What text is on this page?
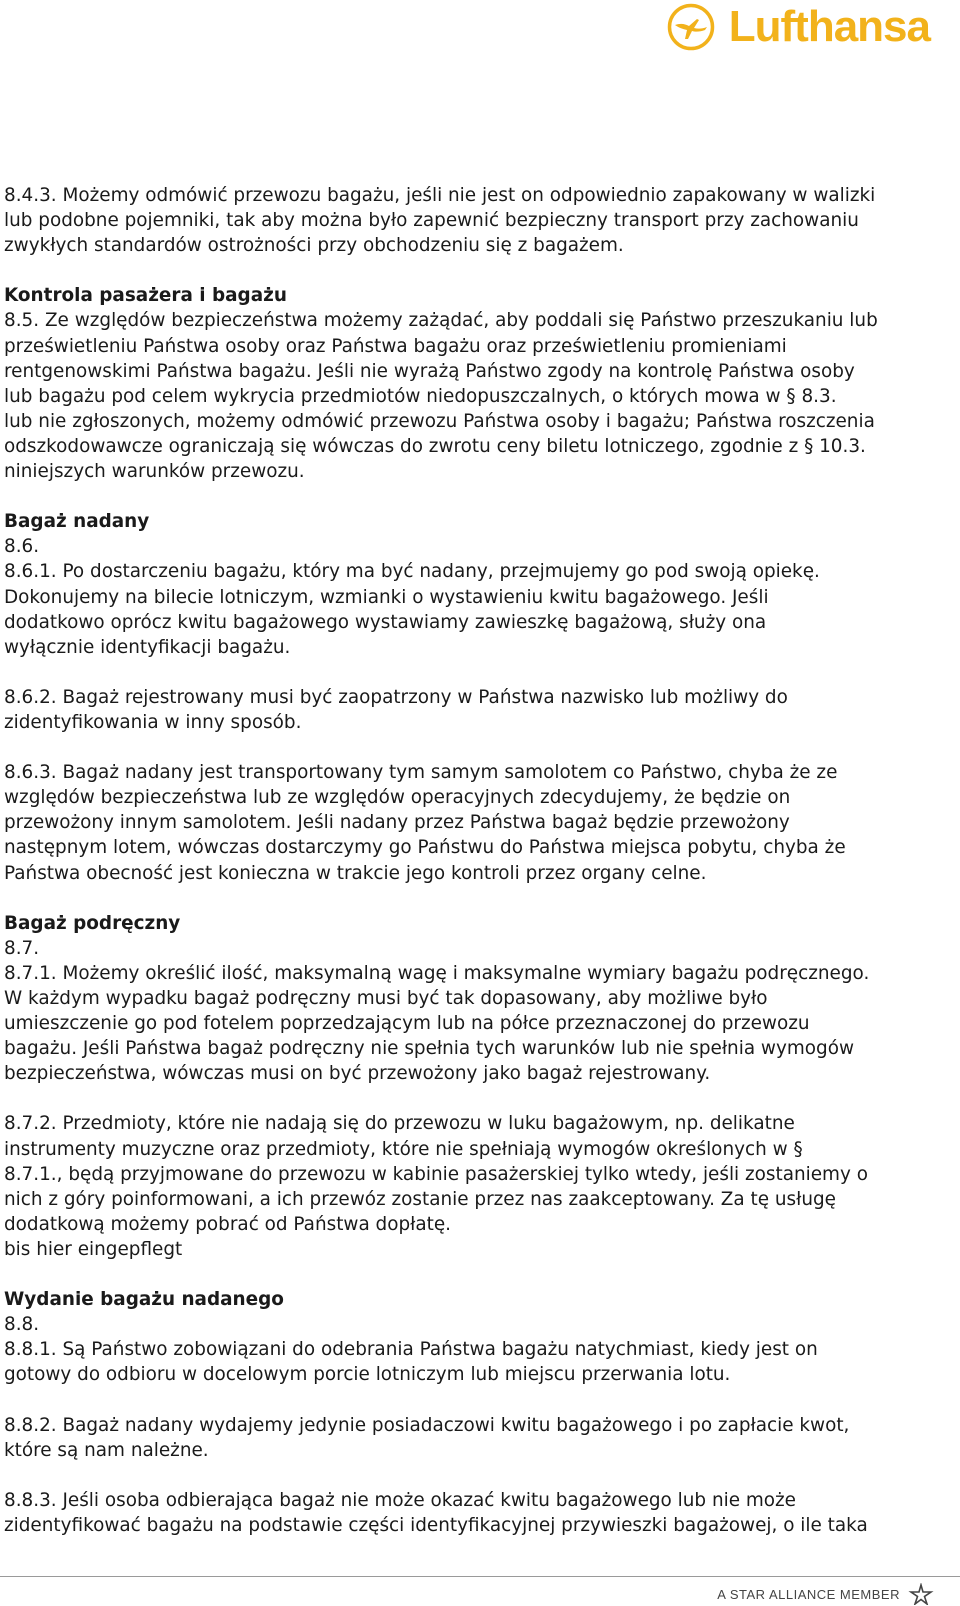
Lufthansa

8.4.3. Możemy odmówić przewozu bagażu, jeśli nie jest on odpowiednio zapakowany w walizki
lub podobne pojemniki, tak aby można było zapewnić bezpieczny transport przy zachowaniu
zwykłych standardów ostrożności przy obchodzeniu się z bagażem.

Kontrola pasażera i bagażu

8.5. Ze względów bezpieczeństwa możemy zażądać, aby poddali się Państwo przeszukaniu lub
prześwietleniu Państwa osoby oraz Państwa bagażu oraz prześwietleniu promieniami
rentgenowskimi Państwa bagażu. Jeśli nie wyrażą Państwo zgody na kontrolę Państwa osoby
lub bagażu pod celem wykrycia przedmiotów niedopuszczalnych, o których mowa w § 8.3.
lub nie zgłoszonych, możemy odmówić przewozu Państwa osoby i bagażu; Państwa roszczenia
odszkodowawcze ograniczają się wówczas do zwrotu ceny biletu lotniczego, zgodnie z § 10.3.
niniejszych warunków przewozu.

Bagaż nadany

8.6.

8.6.1. Po dostarczeniu bagażu, który ma być nadany, przejmujemy go pod swoją opiekę.
Dokonujemy na bilecie lotniczym, wzmianki o wystawieniu kwitu bagażowego. Jeśli
dodatkowo oprócz kwitu bagażowego wystawiamy zawieszkę bagażową, służy ona
wyłącznie identyfikacji bagażu.

8.6.2. Bagaż rejestrowany musi być zaopatrzony w Państwa nazwisko lub możliwy do
zidentyfikowania w inny sposób.

8.6.3. Bagaż nadany jest transportowany tym samym samolotem co Państwo, chyba że ze
względów bezpieczeństwa lub ze względów operacyjnych zdecydujemy, że będzie on
przewożony innym samolotem. Jeśli nadany przez Państwa bagaż będzie przewożony
następnym lotem, wówczas dostarczymy go Państwu do Państwa miejsca pobytu, chyba że
Państwa obecność jest konieczna w trakcie jego kontroli przez organy celne.

Bagaż podręczny

8.7.

8.7.1. Możemy określić ilość, maksymalną wagę i maksymalne wymiary bagażu podręcznego.
W każdym wypadku bagaż podręczny musi być tak dopasowany, aby możliwe było
umieszczenie go pod fotelem poprzedzającym lub na półce przeznaczonej do przewozu
bagażu. Jeśli Państwa bagaż podręczny nie spełnia tych warunków lub nie spełnia wymogów
bezpieczeństwa, wówczas musi on być przewożony jako bagaż rejestrowany.

8.7.2. Przedmioty, które nie nadają się do przewozu w luku bagażowym, np. delikatne
instrumenty muzyczne oraz przedmioty, które nie spełniają wymogów określonych w §
8.7.1., będą przyjmowane do przewozu w kabinie pasażerskiej tylko wtedy, jeśli zostaniemy o
nich z góry poinformowani, a ich przewóz zostanie przez nas zaakceptowany. Za tę usługę
dodatkową możemy pobrać od Państwa dopłatę.

bis hier eingepflegt

Wydanie bagażu nadanego

8.8.

8.8.1. Są Państwo zobowiązani do odebrania Państwa bagażu natychmiast, kiedy jest on
gotowy do odbioru w docelowym porcie lotniczym lub miejscu przerwania lotu.

8.8.2. Bagaż nadany wydajemy jedynie posiadaczowi kwitu bagażowego i po zapłacie kwot,
które są nam należne.

8.8.3. Jeśli osoba odbierająca bagaż nie może okazać kwitu bagażowego lub nie może
zidentyfikować bagażu na podstawie części identyfikacyjnej przywieszki bagażowej, o ile taka

A STAR ALLIANCE MEMBER
